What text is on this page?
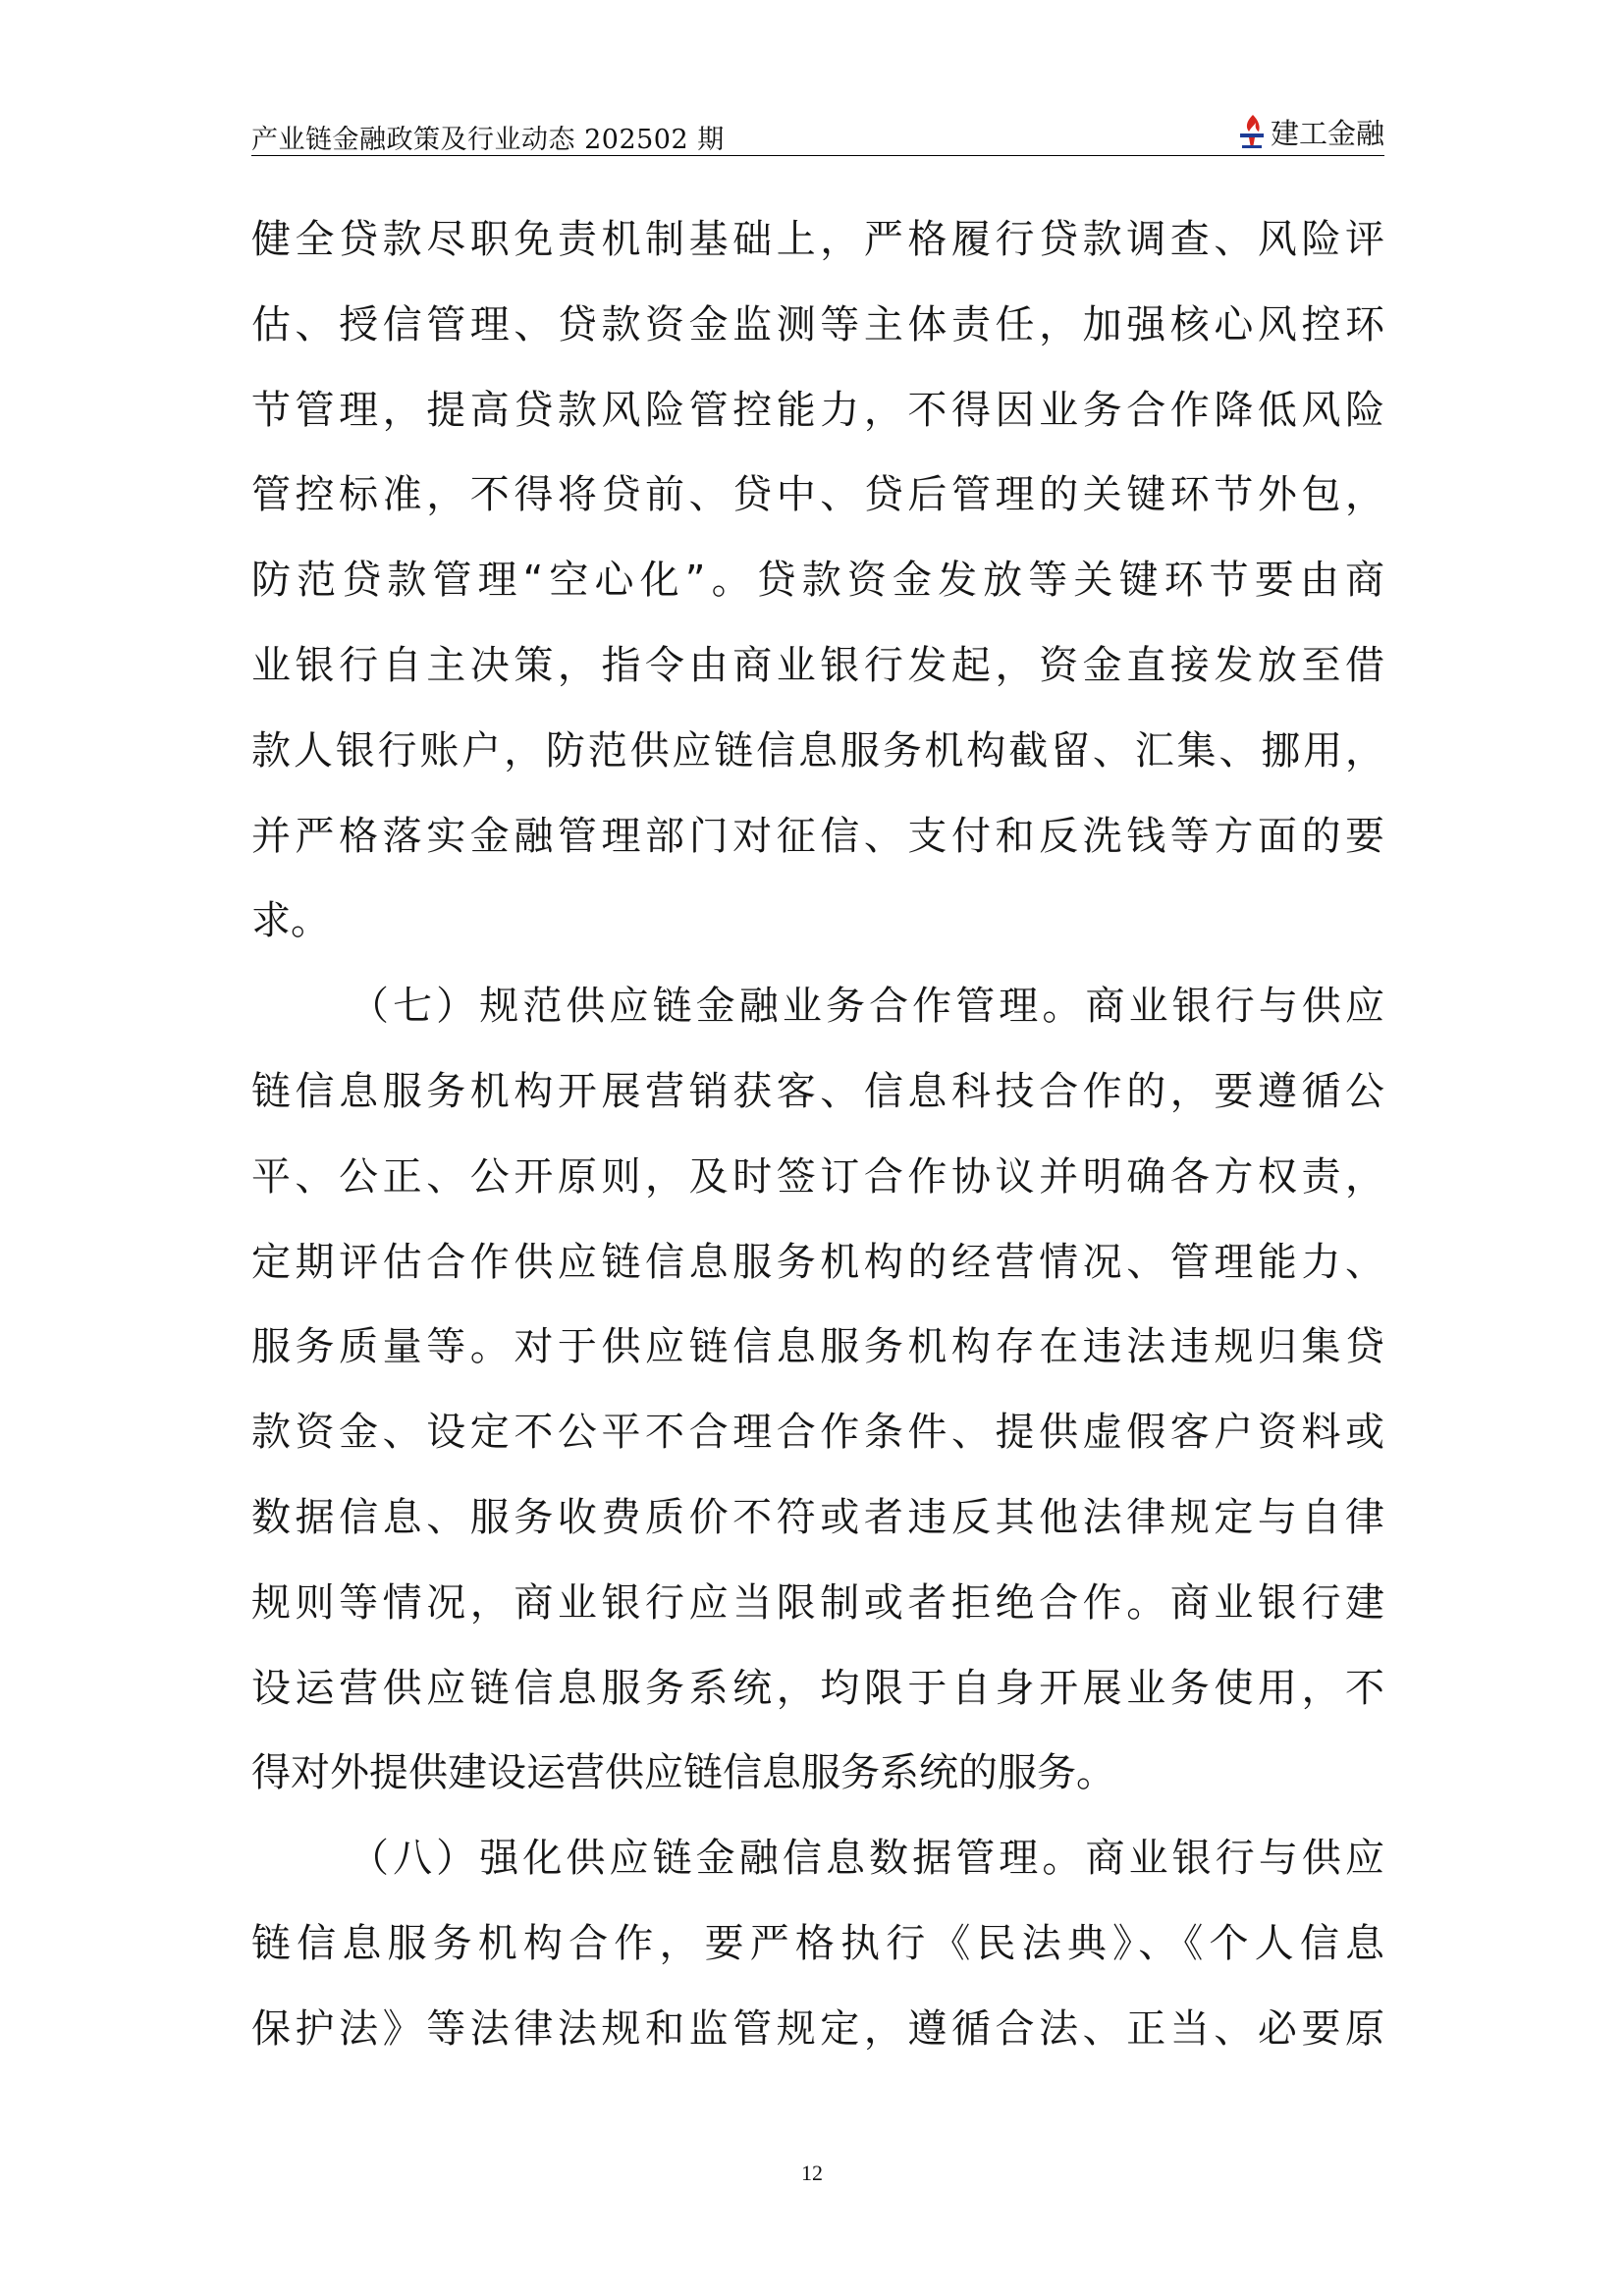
产业链金融政策及行业动态 202502 期	建工金融
健全贷款尽职免责机制基础上，严格履行贷款调查、风险评
估、授信管理、贷款资金监测等主体责任，加强核心风控环
节管理，提高贷款风险管控能力，不得因业务合作降低风险
管控标准，不得将贷前、贷中、贷后管理的关键环节外包，
防范贷款管理“空心化”。贷款资金发放等关键环节要由商
业银行自主决策，指令由商业银行发起，资金直接发放至借
款人银行账户，防范供应链信息服务机构截留、汇集、挪用，
并严格落实金融管理部门对征信、支付和反洗钱等方面的要
求。
（七）规范供应链金融业务合作管理。商业银行与供应
链信息服务机构开展营销获客、信息科技合作的，要遵循公
平、公正、公开原则，及时签订合作协议并明确各方权责，
定期评估合作供应链信息服务机构的经营情况、管理能力、
服务质量等。对于供应链信息服务机构存在违法违规归集贷
款资金、设定不公平不合理合作条件、提供虚假客户资料或
数据信息、服务收费质价不符或者违反其他法律规定与自律
规则等情况，商业银行应当限制或者拒绝合作。商业银行建
设运营供应链信息服务系统，均限于自身开展业务使用，不
得对外提供建设运营供应链信息服务系统的服务。
（八）强化供应链金融信息数据管理。商业银行与供应
链信息服务机构合作，要严格执行《民法典》、《个人信息
保护法》等法律法规和监管规定，遵循合法、正当、必要原
12
